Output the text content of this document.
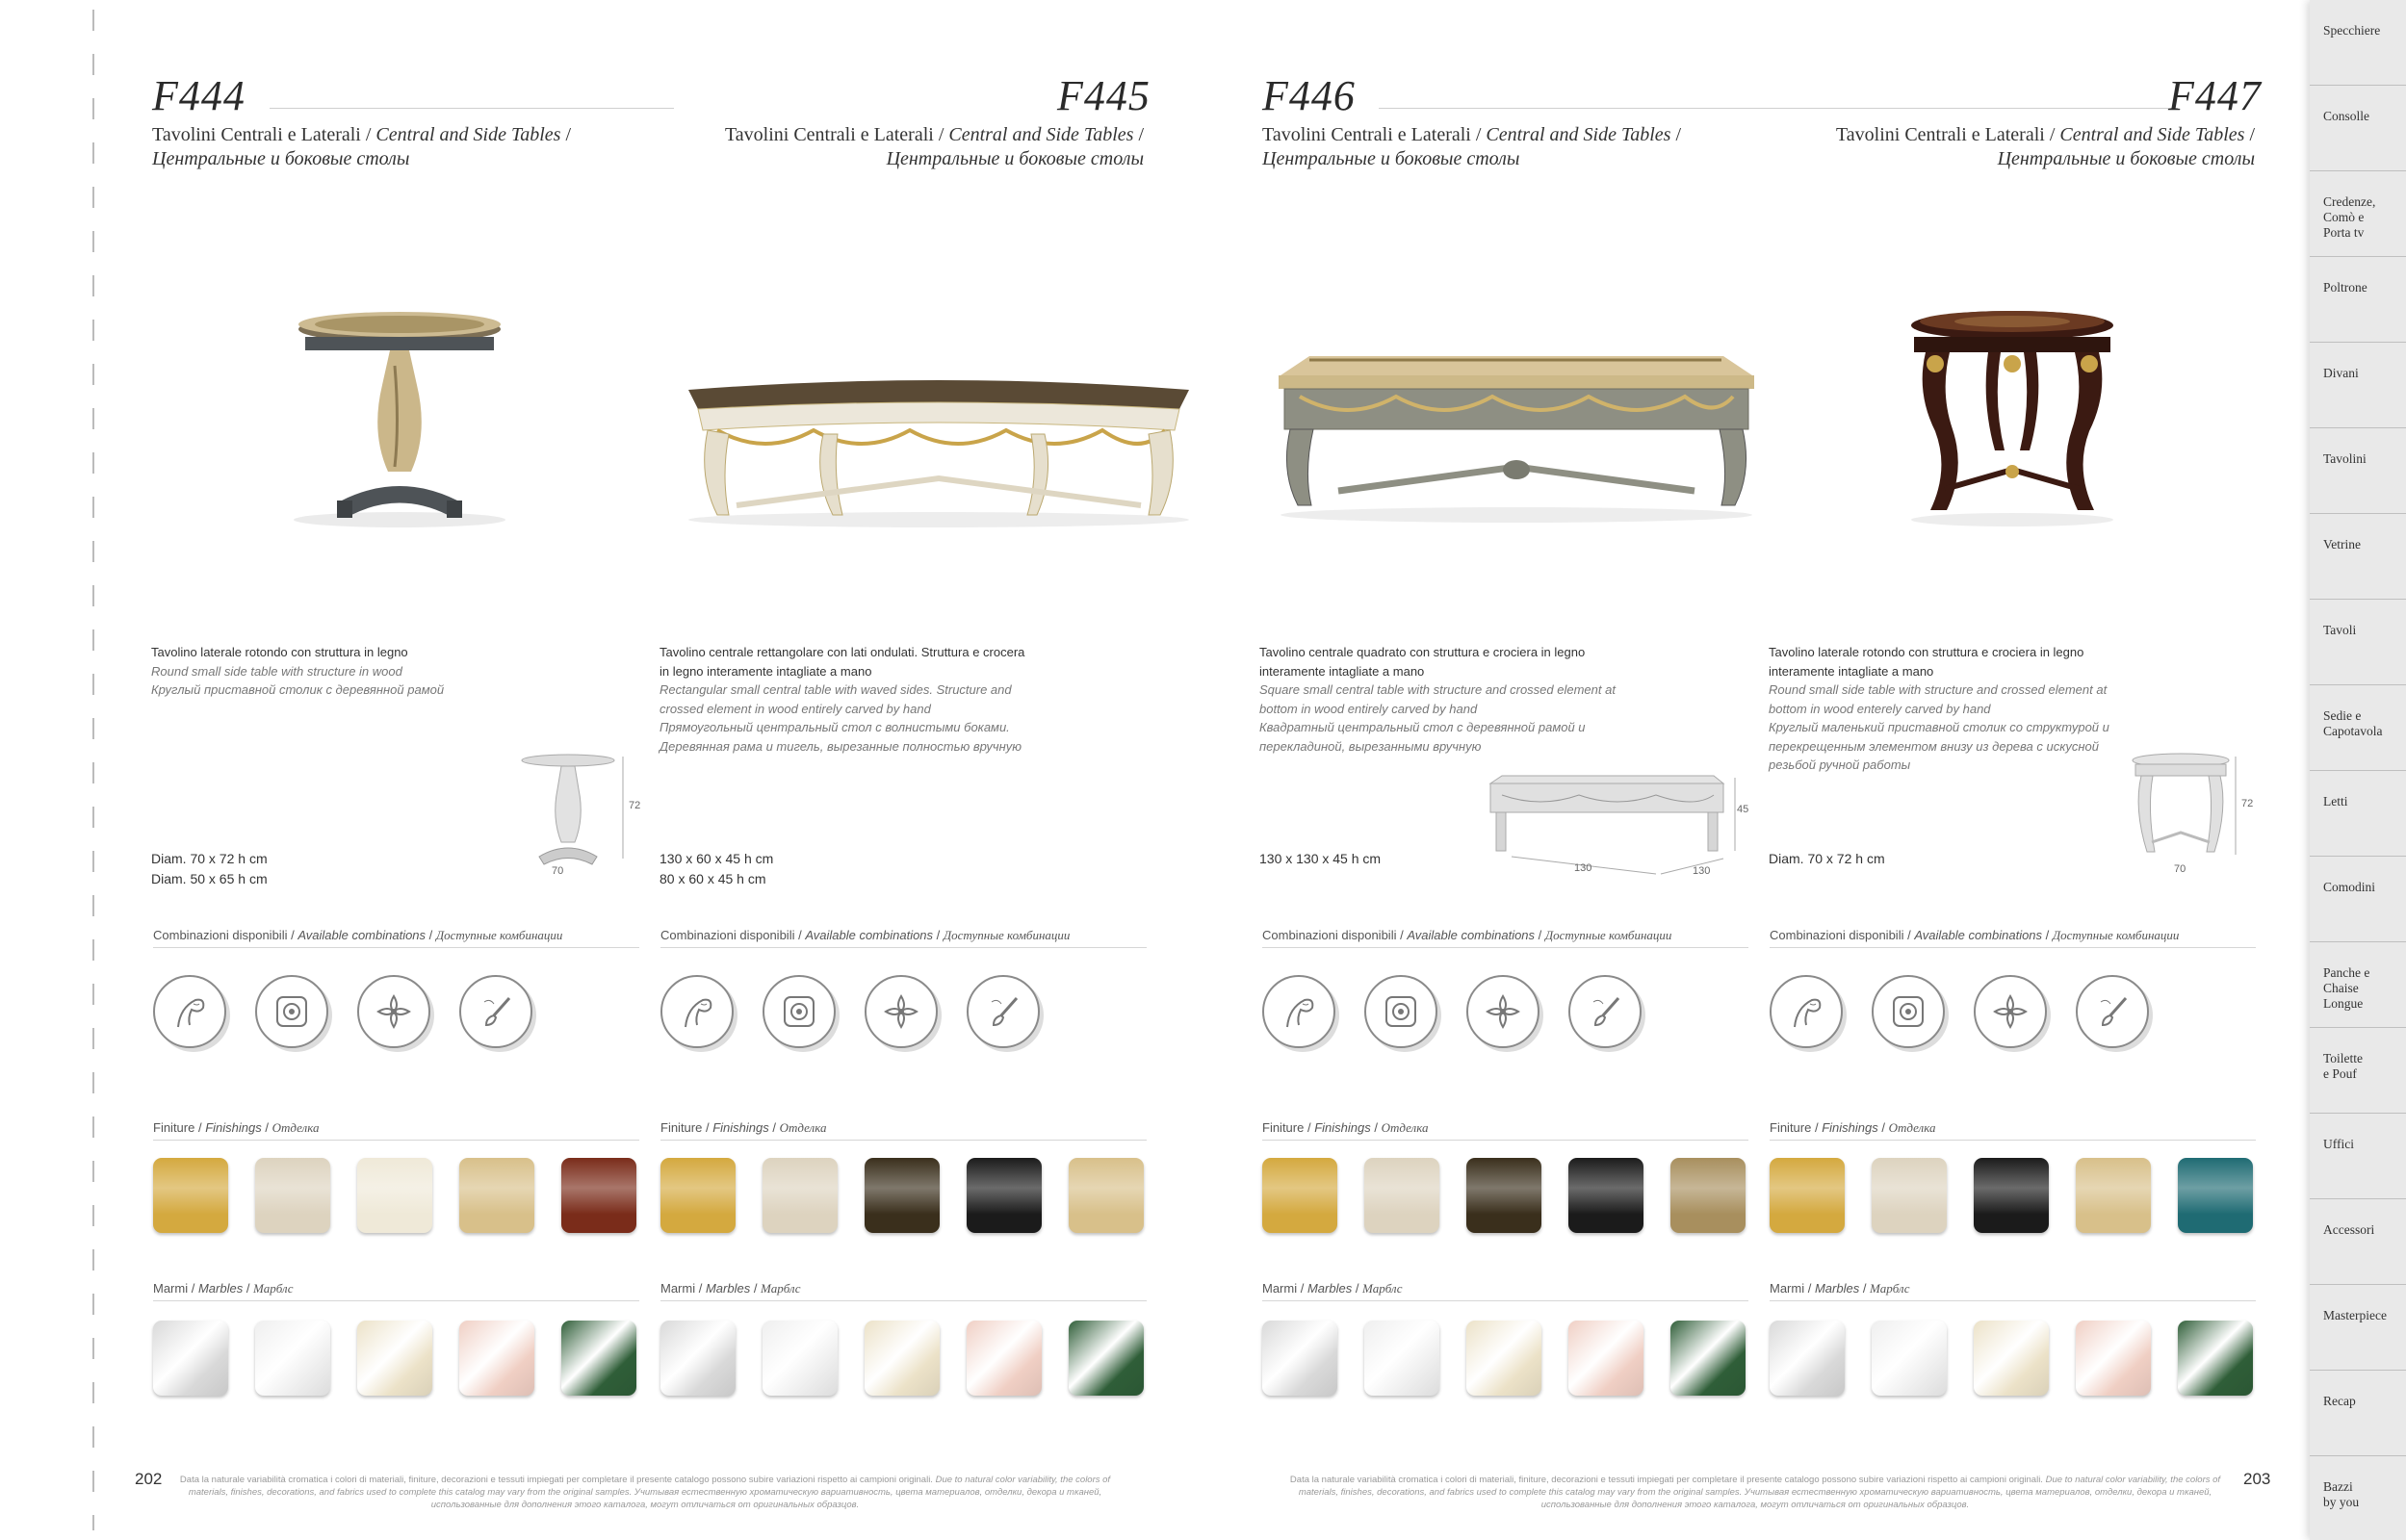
F444
Tavolini Centrali e Laterali / Central and Side Tables /
Центральные и боковые столы
Tavolino laterale rotondo con struttura in legno
Round small side table with structure in wood
Круглый приставной столик с деревянной рамой
Diam. 70 x 72 h cm
Diam. 50 x 65 h cm
72
70
F445
Tavolini Centrali e Laterali / Central and Side Tables /
Центральные и боковые столы
Tavolino centrale rettangolare con lati ondulati. Struttura e crocera in legno interamente intagliate a mano
Rectangular small central table with waved sides. Structure and crossed element in wood entirely carved by hand
Прямоугольный центральный стол с волнистыми боками. Деревянная рама и тигель, вырезанные полностью вручную
130 x 60 x 45 h cm
80 x 60 x 45 h cm
F446
Tavolini Centrali e Laterali / Central and Side Tables /
Центральные и боковые столы
Tavolino centrale quadrato con struttura e crociera in legno interamente intagliate a mano
Square small central table with structure and crossed element at bottom in wood entirely carved by hand
Квадратный центральный стол с деревянной рамой и перекладиной, вырезанными вручную
130 x 130 x 45 h cm
45
130	130
F447
Tavolini Centrali e Laterali / Central and Side Tables /
Центральные и боковые столы
Tavolino laterale rotondo con struttura e crociera in legno interamente intagliate a mano
Round small side table with structure and crossed element at bottom in wood enterely carved by hand
Круглый маленький приставной столик со структурой и перекрещенным элементом внизу из дерева с искусной резьбой ручной работы
Diam. 70 x 72 h cm
72
70
Combinazioni disponibili / Available combinations / Доступные комбинации
Finiture / Finishings / Отделка
Marmi / Marbles / Марблс
Combinazioni disponibili / Available combinations / Доступные комбинации
Finiture / Finishings / Отделка
Marmi / Marbles / Марблс
Combinazioni disponibili / Available combinations / Доступные комбинации
Finiture / Finishings / Отделка
Marmi / Marbles / Марблс
Combinazioni disponibili / Available combinations / Доступные комбинации
Finiture / Finishings / Отделка
Marmi / Marbles / Марблс
202	Data la naturale variabilità cromatica i colori di materiali, finiture, decorazioni e tessuti impiegati per completare il presente catalogo possono subire variazioni rispetto ai campioni originali. Due to natural color variability, the colors of materials, finishes, decorations, and fabrics used to complete this catalog may vary from the original samples. Учитывая естественную хроматическую вариативность, цвета материалов, отделки, декора и тканей, использованные для дополнения этого каталога, могут отличаться от оригинальных образцов.
Data la naturale variabilità cromatica i colori di materiali, finiture, decorazioni e tessuti impiegati per completare il presente catalogo possono subire variazioni rispetto ai campioni originali. Due to natural color variability, the colors of materials, finishes, decorations, and fabrics used to complete this catalog may vary from the original samples. Учитывая естественную хроматическую вариативность, цвета материалов, отделки, декора и тканей, использованные для дополнения этого каталога, могут отличаться от оригинальных образцов.
203
Specchiere
Consolle
Credenze,
Comò e
Porta tv
Poltrone
Divani
Tavolini
Vetrine
Tavoli
Sedie e
Capotavola
Letti
Comodini
Panche e
Chaise
Longue
Toilette
e Pouf
Uffici
Accessori
Masterpiece
Recap
Bazzi
by you
